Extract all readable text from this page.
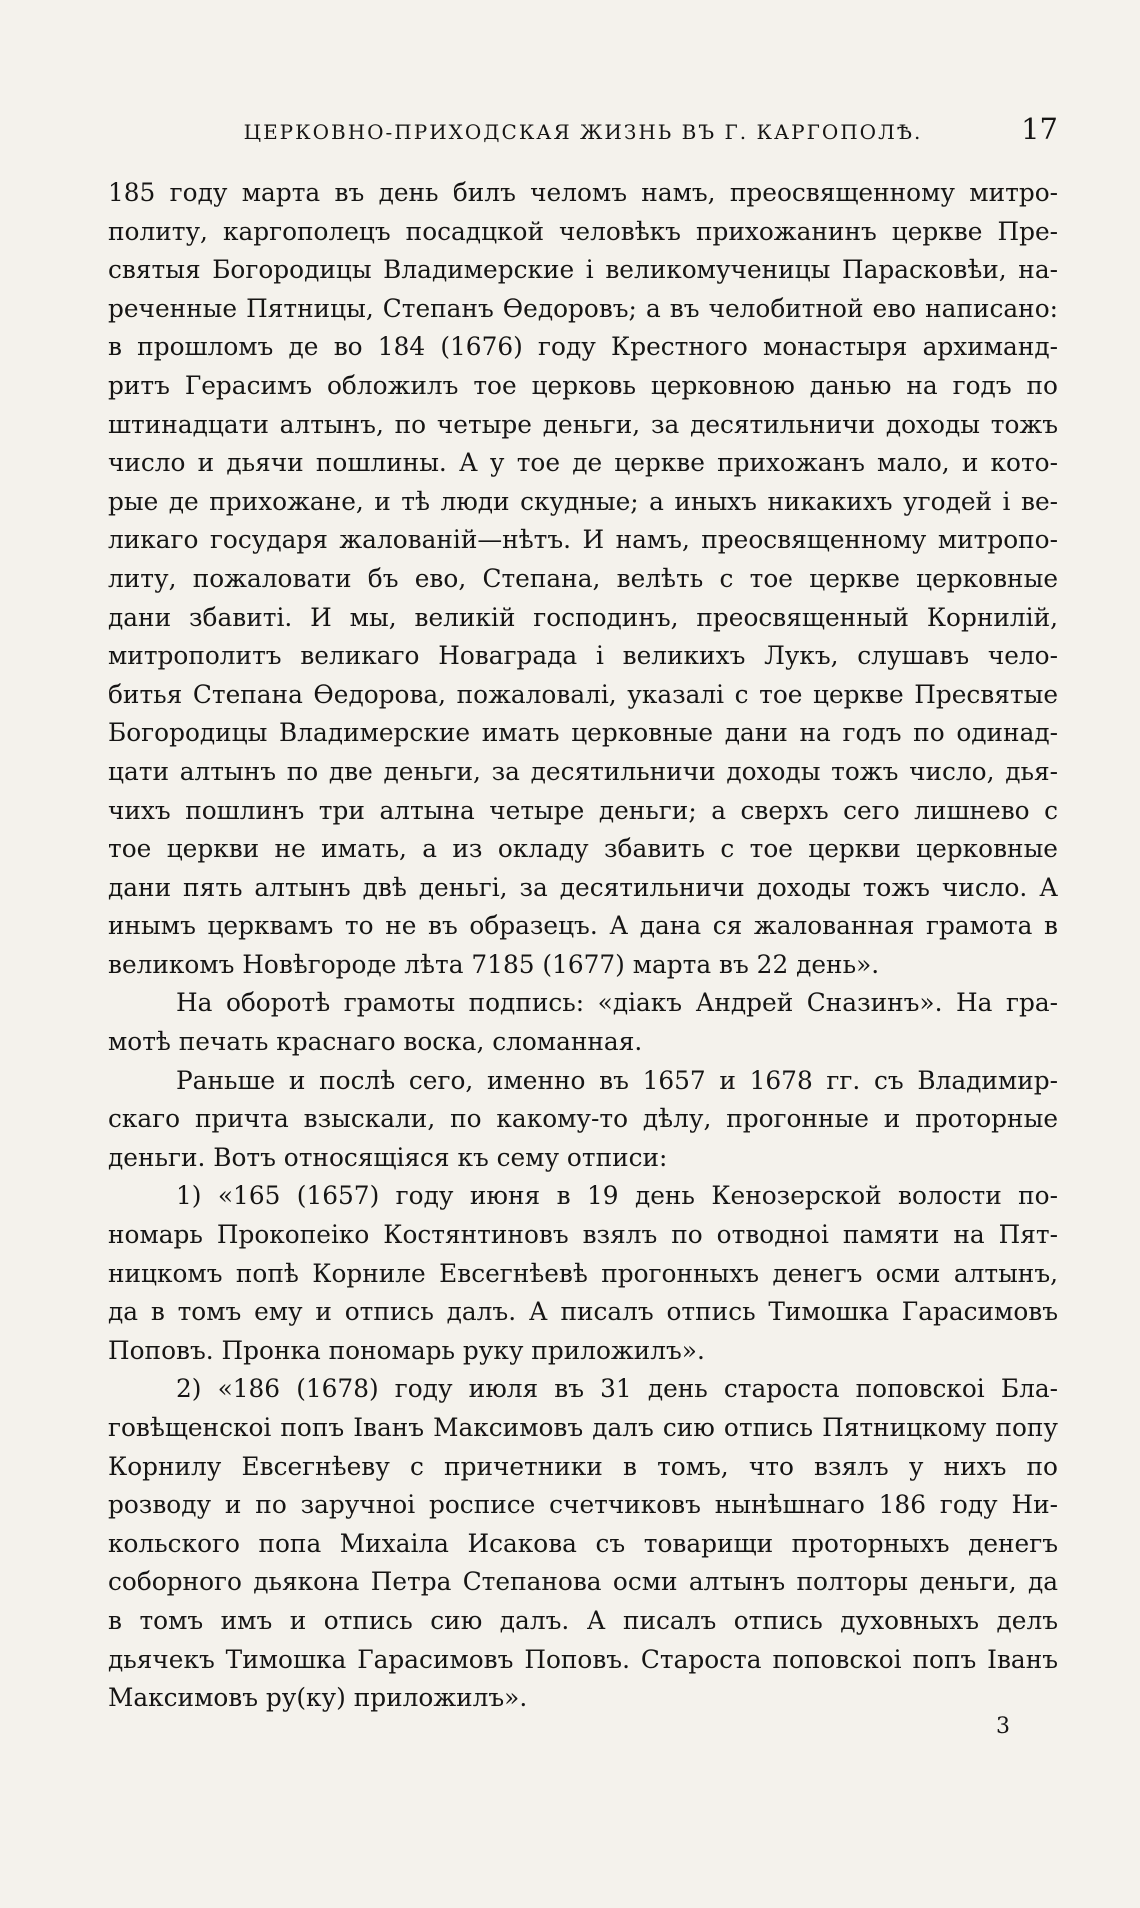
ЦЕРКОВНО-ПРИХОДСКАЯ ЖИЗНЬ ВЪ Г. КАРГОПОЛѢ.	17

185 году марта въ день билъ челомъ намъ, преосвященному митро-
политу, каргополецъ посадцкой человѣкъ прихожанинъ церкве Пре-
святыя Богородицы Владимерские і великомученицы Парасковѣи, на-
реченные Пятницы, Степанъ Ѳедоровъ; а въ челобитной ево написано:
в прошломъ де во 184 (1676) году Крестного монастыря архиманд-
ритъ Герасимъ обложилъ тое церковь церковною данью на годъ по
штинадцати алтынъ, по четыре деньги, за десятильничи доходы тожъ
число и дьячи пошлины. А у тое де церкве прихожанъ мало, и кото-
рые де прихожане, и тѣ люди скудные; а иныхъ никакихъ угодей і ве-
ликаго государя жалованій—нѣтъ. И намъ, преосвященному митропо-
литу, пожаловати бъ ево, Степана, велѣть с тое церкве церковные
дани збавиті. И мы, великій господинъ, преосвященный Корнилій,
митрополитъ великаго Новаграда і великихъ Лукъ, слушавъ чело-
битья Степана Ѳедорова, пожаловалі, указалі с тое церкве Пресвятые
Богородицы Владимерские имать церковные дани на годъ по одинад-
цати алтынъ по две деньги, за десятильничи доходы тожъ число, дья-
чихъ пошлинъ три алтына четыре деньги; а сверхъ сего лишнево с
тое церкви не имать, а из окладу збавить с тое церкви церковные
дани пять алтынъ двѣ деньгі, за десятильничи доходы тожъ число. А
инымъ церквамъ то не въ образецъ. А дана ся жалованная грамота в
великомъ Новѣгороде лѣта 7185 (1677) марта въ 22 день».

На оборотѣ грамоты подпись: «діакъ Андрей Сназинъ». На гра-
мотѣ печать краснаго воска, сломанная.

Раньше и послѣ сего, именно въ 1657 и 1678 гг. съ Владимир-
скаго причта взыскали, по какому-то дѣлу, прогонные и проторные
деньги. Вотъ относящіяся къ сему отписи:

1) «165 (1657) году июня в 19 день Кенозерской волости по-
номарь Прокопеіко Костянтиновъ взялъ по отводноі памяти на Пят-
ницкомъ попѣ Корниле Евсегнѣевѣ прогонныхъ денегъ осми алтынъ,
да в томъ ему и отпись далъ. А писалъ отпись Тимошка Гарасимовъ
Поповъ. Пронка пономарь руку приложилъ».

2) «186 (1678) году июля въ 31 день староста поповскоі Бла-
говѣщенскоі попъ Іванъ Максимовъ далъ сию отпись Пятницкому попу
Корнилу Евсегнѣеву с причетники в томъ, что взялъ у нихъ по
розводу и по заручноі росписе счетчиковъ нынѣшнаго 186 году Ни-
кольского попа Михаіла Исакова съ товарищи проторныхъ денегъ
соборного дьякона Петра Степанова осми алтынъ полторы деньги, да
в томъ имъ и отпись сию далъ. А писалъ отпись духовныхъ делъ
дьячекъ Тимошка Гарасимовъ Поповъ. Староста поповскоі попъ Іванъ
Максимовъ ру(ку) приложилъ».

3
